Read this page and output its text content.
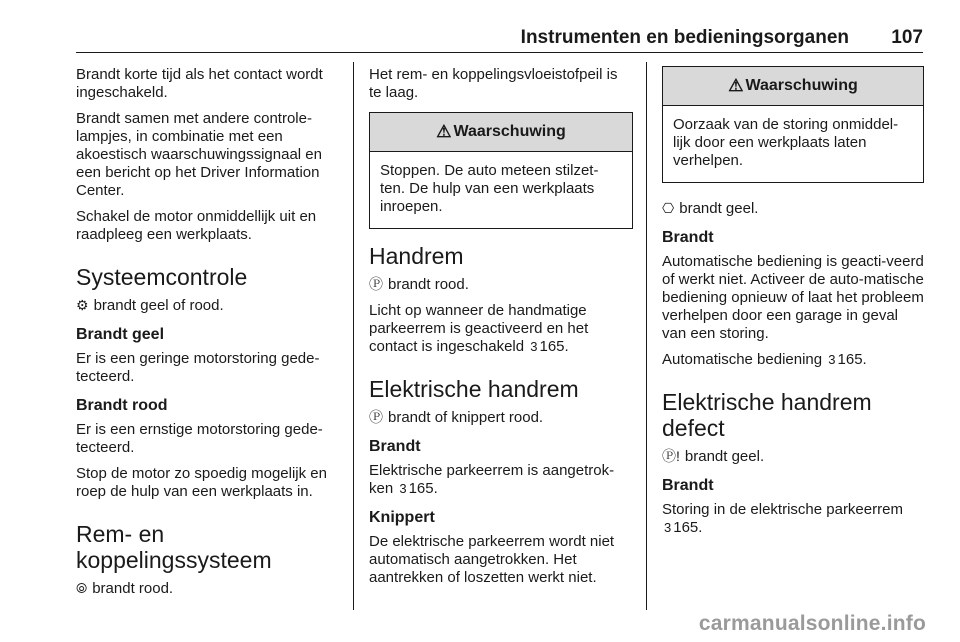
Instrumenten en bedieningsorganen 107

Brandt korte tijd als het contact wordt ingeschakeld.

Brandt samen met andere controle-lampjes, in combinatie met een akoestisch waarschuwingssignaal en een bericht op het Driver Information Center.

Schakel de motor onmiddellijk uit en raadpleeg een werkplaats.

Systeemcontrole

⚙ brandt geel of rood.

Brandt geel

Er is een geringe motorstoring gede-tecteerd.

Brandt rood

Er is een ernstige motorstoring gede-tecteerd.

Stop de motor zo spoedig mogelijk en roep de hulp van een werkplaats in.

Rem- en
koppelingssysteem

⦾ brandt rood.

Het rem- en koppelingsvloeistofpeil is te laag.

⚠ Waarschuwing
Stoppen. De auto meteen stilzet-ten. De hulp van een werkplaats inroepen.
Handrem

Ⓟ brandt rood.

Licht op wanneer de handmatige parkeerrem is geactiveerd en het contact is ingeschakeld 3 165.

Elektrische handrem

Ⓟ brandt of knippert rood.

Brandt

Elektrische parkeerrem is aangetrok-ken 3 165.

Knippert

De elektrische parkeerrem wordt niet automatisch aangetrokken. Het aantrekken of loszetten werkt niet.

⚠ Waarschuwing
Oorzaak van de storing onmiddel-lijk door een werkplaats laten verhelpen.

⎔ brandt geel.

Brandt

Automatische bediening is geacti-veerd of werkt niet. Activeer de auto-matische bediening opnieuw of laat het probleem verhelpen door een garage in geval van een storing.

Automatische bediening 3 165.

Elektrische handrem defect

Ⓟ! brandt geel.

Brandt

Storing in de elektrische parkeerrem
3 165.

carmanualsonline.info
